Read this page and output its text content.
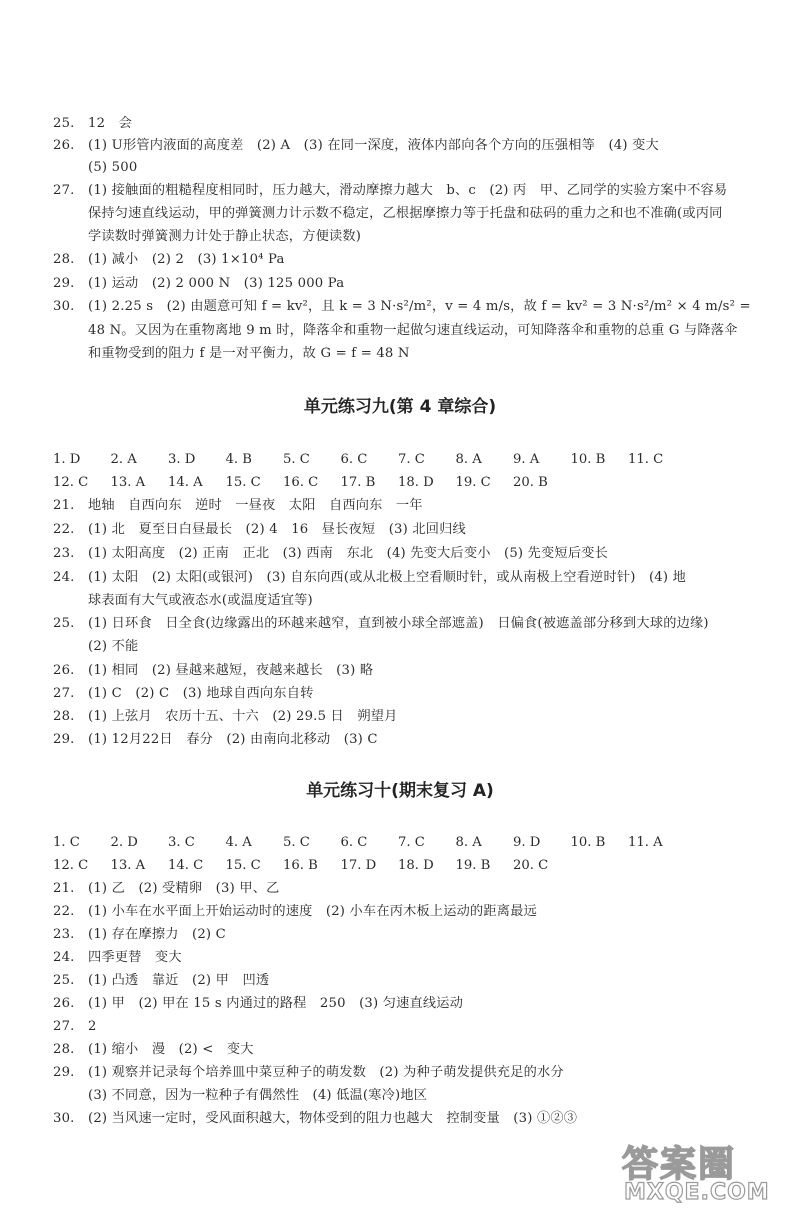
25. 12　会
26. (1) U形管内液面的高度差　(2) A　(3) 在同一深度，液体内部向各个方向的压强相等　(4) 变大
(5) 500
27. (1) 接触面的粗糙程度相同时，压力越大，滑动摩擦力越大　b、c　(2) 丙　甲、乙同学的实验方案中不容易
保持匀速直线运动，甲的弹簧测力计示数不稳定，乙根据摩擦力等于托盘和砝码的重力之和也不准确(或丙同
学读数时弹簧测力计处于静止状态，方便读数)
28. (1) 减小　(2) 2　(3) 1×10⁴ Pa
29. (1) 运动　(2) 2 000 N　(3) 125 000 Pa
30. (1) 2.25 s　(2) 由题意可知 f = kv²，且 k = 3 N·s²/m²，v = 4 m/s，故 f = kv² = 3 N·s²/m² × 4 m/s² =
48 N。又因为在重物离地 9 m 时，降落伞和重物一起做匀速直线运动，可知降落伞和重物的总重 G 与降落伞
和重物受到的阻力 f 是一对平衡力，故 G = f = 48 N
单元练习九(第 4 章综合)
1. D 2. A 3. D 4. B 5. C 6. C 7. C 8. A 9. A 10. B 11. C
12. C 13. A 14. A 15. C 16. C 17. B 18. D 19. C 20. B
21. 地轴　自西向东　逆时　一昼夜　太阳　自西向东　一年
22. (1) 北　夏至日白昼最长　(2) 4　16　昼长夜短　(3) 北回归线
23. (1) 太阳高度　(2) 正南　正北　(3) 西南　东北　(4) 先变大后变小　(5) 先变短后变长
24. (1) 太阳　(2) 太阳(或银河)　(3) 自东向西(或从北极上空看顺时针，或从南极上空看逆时针)　(4) 地
球表面有大气或液态水(或温度适宜等)
25. (1) 日环食　日全食(边缘露出的环越来越窄，直到被小球全部遮盖)　日偏食(被遮盖部分移到大球的边缘)
(2) 不能
26. (1) 相同　(2) 昼越来越短，夜越来越长　(3) 略
27. (1) C　(2) C　(3) 地球自西向东自转
28. (1) 上弦月　农历十五、十六　(2) 29.5 日　朔望月
29. (1) 12月22日　春分　(2) 由南向北移动　(3) C
单元练习十(期末复习 A)
1. C 2. D 3. C 4. A 5. C 6. C 7. C 8. A 9. D 10. B 11. A
12. C 13. A 14. C 15. C 16. B 17. D 18. D 19. B 20. C
21. (1) 乙　(2) 受精卵　(3) 甲、乙
22. (1) 小车在水平面上开始运动时的速度　(2) 小车在丙木板上运动的距离最远
23. (1) 存在摩擦力　(2) C
24. 四季更替　变大
25. (1) 凸透　靠近　(2) 甲　凹透
26. (1) 甲　(2) 甲在 15 s 内通过的路程　250　(3) 匀速直线运动
27. 2
28. (1) 缩小　漫　(2) <　变大
29. (1) 观察并记录每个培养皿中菜豆种子的萌发数　(2) 为种子萌发提供充足的水分
(3) 不同意，因为一粒种子有偶然性　(4) 低温(寒冷)地区
30. (2) 当风速一定时，受风面积越大，物体受到的阻力也越大　控制变量　(3) ①②③
答案圈
MXQE.COM
